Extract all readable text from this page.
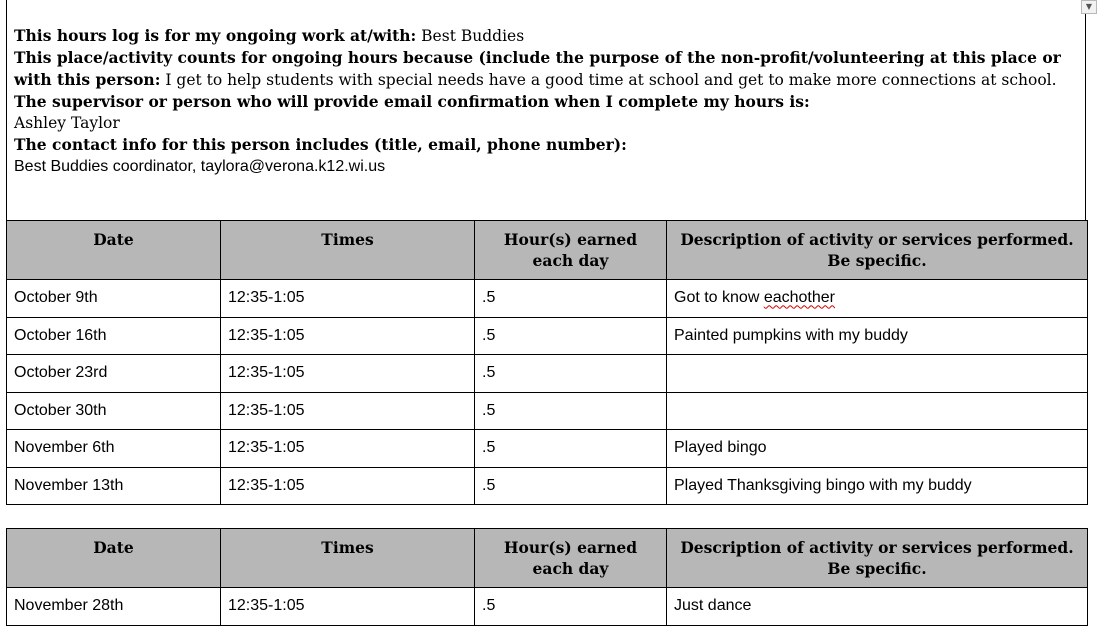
▼

This hours log is for my ongoing work at/with: Best Buddies

This place/activity counts for ongoing hours because (include the purpose of the non-profit/volunteering at this place or with this person: I get to help students with special needs have a good time at school and get to make more connections at school.

The supervisor or person who will provide email confirmation when I complete my hours is:

Ashley Taylor

The contact info for this person includes (title, email, phone number):

Best Buddies coordinator, taylora@verona.k12.wi.us

Date	Times	Hour(s) earned each day	Description of activity or services performed. Be specific.
October 9th	12:35-1:05	.5	Got to know eachother
October 16th	12:35-1:05	.5	Painted pumpkins with my buddy
October 23rd	12:35-1:05	.5	
October 30th	12:35-1:05	.5	
November 6th	12:35-1:05	.5	Played bingo
November 13th	12:35-1:05	.5	Played Thanksgiving bingo with my buddy
Date	Times	Hour(s) earned each day	Description of activity or services performed. Be specific.
November 28th	12:35-1:05	.5	Just dance
